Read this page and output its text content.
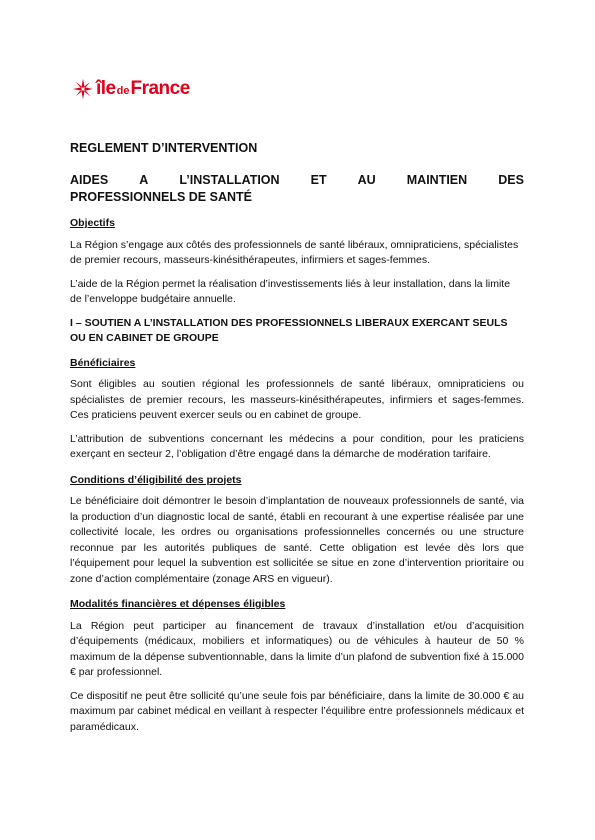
île de France
REGLEMENT D’INTERVENTION
AIDES A L’INSTALLATION ET AU MAINTIEN DES
PROFESSIONNELS DE SANTÉ
Objectifs

La Région s’engage aux côtés des professionnels de santé libéraux, omnipraticiens, spécialistes de premier recours, masseurs-kinésithérapeutes, infirmiers et sages-femmes.

L’aide de la Région permet la réalisation d’investissements liés à leur installation, dans la limite de l’enveloppe budgétaire annuelle.

I – SOUTIEN A L’INSTALLATION DES PROFESSIONNELS LIBERAUX EXERCANT SEULS OU EN CABINET DE GROUPE
Bénéficiaires

Sont éligibles au soutien régional les professionnels de santé libéraux, omnipraticiens ou spécialistes de premier recours, les masseurs-kinésithérapeutes, infirmiers et sages-femmes. Ces praticiens peuvent exercer seuls ou en cabinet de groupe.

L’attribution de subventions concernant les médecins a pour condition, pour les praticiens exerçant en secteur 2, l’obligation d’être engagé dans la démarche de modération tarifaire.

Conditions d’éligibilité des projets

Le bénéficiaire doit démontrer le besoin d’implantation de nouveaux professionnels de santé, via la production d’un diagnostic local de santé, établi en recourant à une expertise réalisée par une collectivité locale, les ordres ou organisations professionnelles concernés ou une structure reconnue par les autorités publiques de santé. Cette obligation est levée dès lors que l’équipement pour lequel la subvention est sollicitée se situe en zone d’intervention prioritaire ou zone d’action complémentaire (zonage ARS en vigueur).

Modalités financières et dépenses éligibles

La Région peut participer au financement de travaux d’installation et/ou d’acquisition d’équipements (médicaux, mobiliers et informatiques) ou de véhicules à hauteur de 50 % maximum de la dépense subventionnable, dans la limite d’un plafond de subvention fixé à 15.000 € par professionnel.

Ce dispositif ne peut être sollicité qu’une seule fois par bénéficiaire, dans la limite de 30.000 € au maximum par cabinet médical en veillant à respecter l’équilibre entre professionnels médicaux et paramédicaux.
